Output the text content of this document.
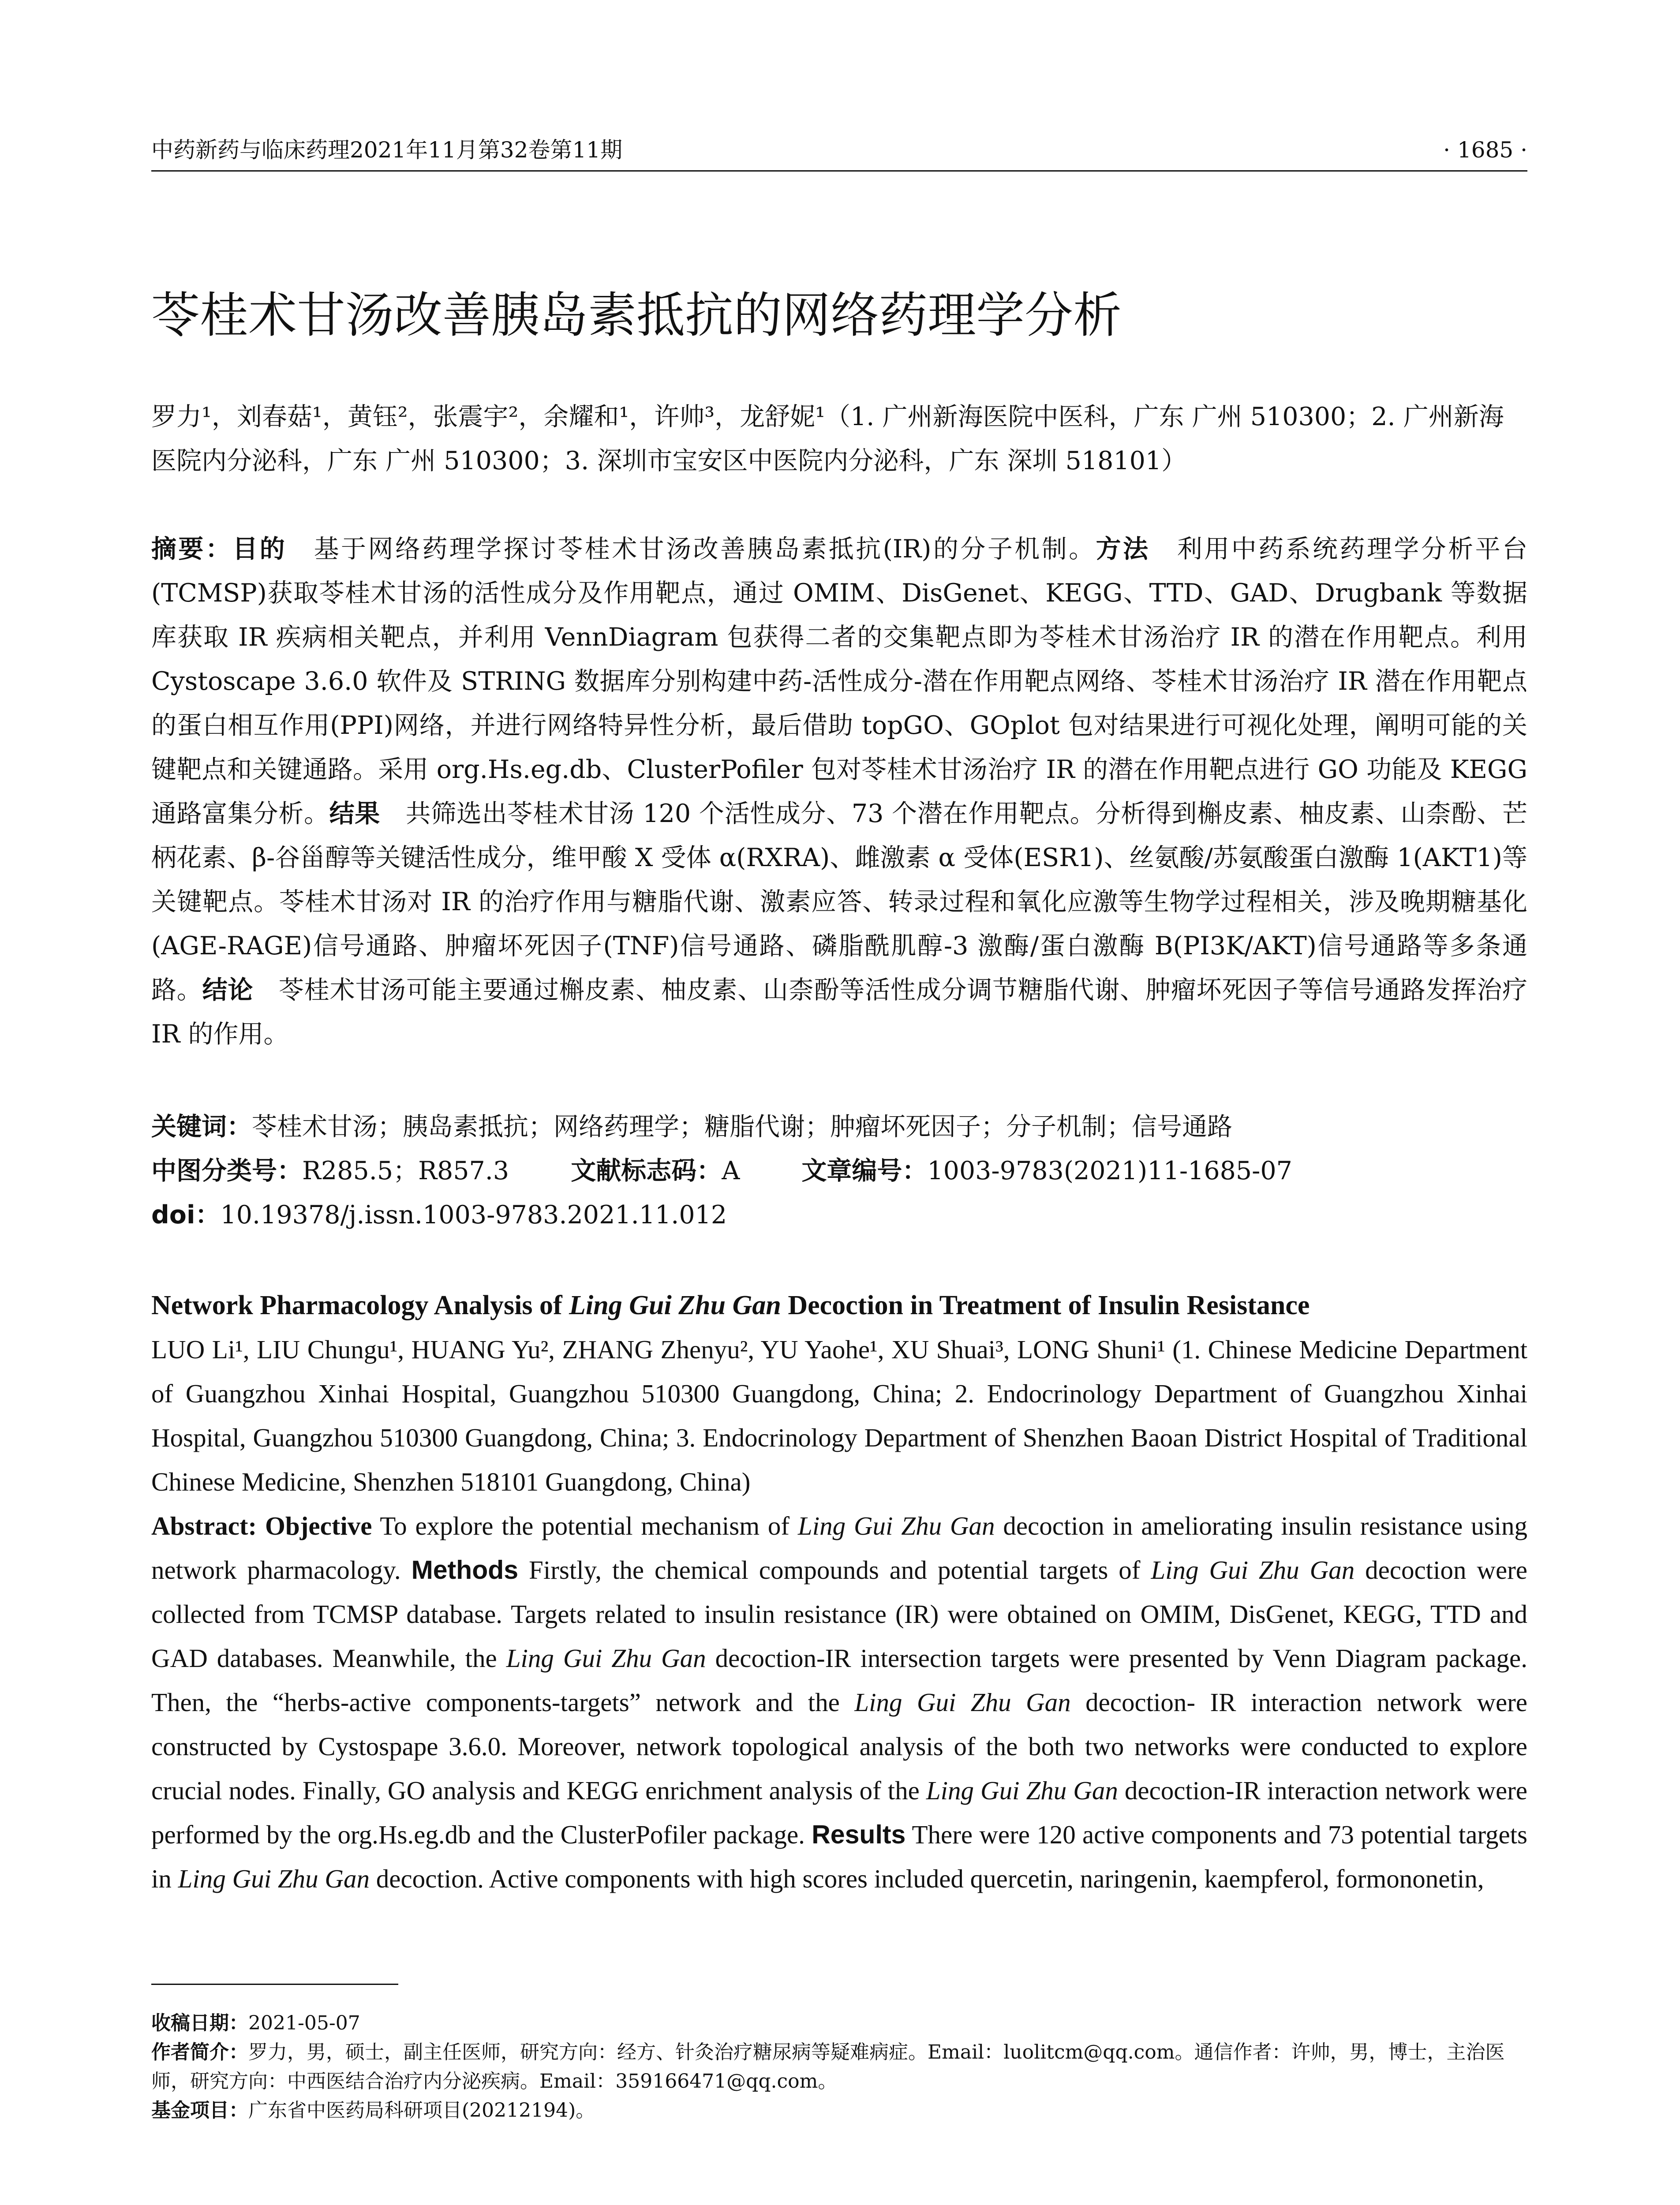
中药新药与临床药理2021年11月第32卷第11期	· 1685 ·
苓桂术甘汤改善胰岛素抵抗的网络药理学分析
罗力¹，刘春菇¹，黄钰²，张震宇²，余耀和¹，许帅³，龙舒妮¹（1. 广州新海医院中医科，广东 广州 510300；2. 广州新海医院内分泌科，广东 广州 510300；3. 深圳市宝安区中医院内分泌科，广东 深圳 518101）
摘要：目的　 基于网络药理学探讨苓桂术甘汤改善胰岛素抵抗(IR)的分子机制。方法　 利用中药系统药理学分析平台(TCMSP)获取苓桂术甘汤的活性成分及作用靶点，通过 OMIM、DisGenet、KEGG、TTD、GAD、Drugbank 等数据库获取 IR 疾病相关靶点，并利用 VennDiagram 包获得二者的交集靶点即为苓桂术甘汤治疗 IR 的潜在作用靶点。利用 Cystoscape 3.6.0 软件及 STRING 数据库分别构建中药-活性成分-潜在作用靶点网络、苓桂术甘汤治疗 IR 潜在作用靶点的蛋白相互作用(PPI)网络，并进行网络特异性分析，最后借助 topGO、GOplot 包对结果进行可视化处理，阐明可能的关键靶点和关键通路。采用 org.Hs.eg.db、ClusterPofiler 包对苓桂术甘汤治疗 IR 的潜在作用靶点进行 GO 功能及 KEGG 通路富集分析。结果　 共筛选出苓桂术甘汤 120 个活性成分、73 个潜在作用靶点。分析得到槲皮素、柚皮素、山柰酚、芒柄花素、β-谷甾醇等关键活性成分，维甲酸 X 受体 α(RXRA)、雌激素 α 受体(ESR1)、丝氨酸/苏氨酸蛋白激酶 1(AKT1)等关键靶点。苓桂术甘汤对 IR 的治疗作用与糖脂代谢、激素应答、转录过程和氧化应激等生物学过程相关，涉及晚期糖基化(AGE-RAGE)信号通路、肿瘤坏死因子(TNF)信号通路、磷脂酰肌醇-3 激酶/蛋白激酶 B(PI3K/AKT)信号通路等多条通路。结论　 苓桂术甘汤可能主要通过槲皮素、柚皮素、山柰酚等活性成分调节糖脂代谢、肿瘤坏死因子等信号通路发挥治疗 IR 的作用。
关键词：苓桂术甘汤；胰岛素抵抗；网络药理学；糖脂代谢；肿瘤坏死因子；分子机制；信号通路
中图分类号：R285.5；R857.3 文献标志码：A 文章编号：1003-9783(2021)11-1685-07
doi：10.19378/j.issn.1003-9783.2021.11.012
Network Pharmacology Analysis of Ling Gui Zhu Gan Decoction in Treatment of Insulin Resistance
LUO Li¹, LIU Chungu¹, HUANG Yu², ZHANG Zhenyu², YU Yaohe¹, XU Shuai³, LONG Shuni¹ (1. Chinese Medicine Department of Guangzhou Xinhai Hospital, Guangzhou 510300 Guangdong, China; 2. Endocrinology Department of Guangzhou Xinhai Hospital, Guangzhou 510300 Guangdong, China; 3. Endocrinology Department of Shenzhen Baoan District Hospital of Traditional Chinese Medicine, Shenzhen 518101 Guangdong, China)
Abstract: Objective To explore the potential mechanism of Ling Gui Zhu Gan decoction in ameliorating insulin resistance using network pharmacology. Methods Firstly, the chemical compounds and potential targets of Ling Gui Zhu Gan decoction were collected from TCMSP database. Targets related to insulin resistance (IR) were obtained on OMIM, DisGenet, KEGG, TTD and GAD databases. Meanwhile, the Ling Gui Zhu Gan decoction-IR intersection targets were presented by Venn Diagram package. Then, the “herbs-active components-targets” network and the Ling Gui Zhu Gan decoction- IR interaction network were constructed by Cystospape 3.6.0. Moreover, network topological analysis of the both two networks were conducted to explore crucial nodes. Finally, GO analysis and KEGG enrichment analysis of the Ling Gui Zhu Gan decoction-IR interaction network were performed by the org.Hs.eg.db and the ClusterPofiler package. Results There were 120 active components and 73 potential targets in Ling Gui Zhu Gan decoction. Active components with high scores included quercetin, naringenin, kaempferol, formononetin,
收稿日期：2021-05-07
作者简介：罗力，男，硕士，副主任医师，研究方向：经方、针灸治疗糖尿病等疑难病症。Email：luolitcm@qq.com。通信作者：许帅，男，博士，主治医师，研究方向：中西医结合治疗内分泌疾病。Email：359166471@qq.com。
基金项目：广东省中医药局科研项目(20212194)。
